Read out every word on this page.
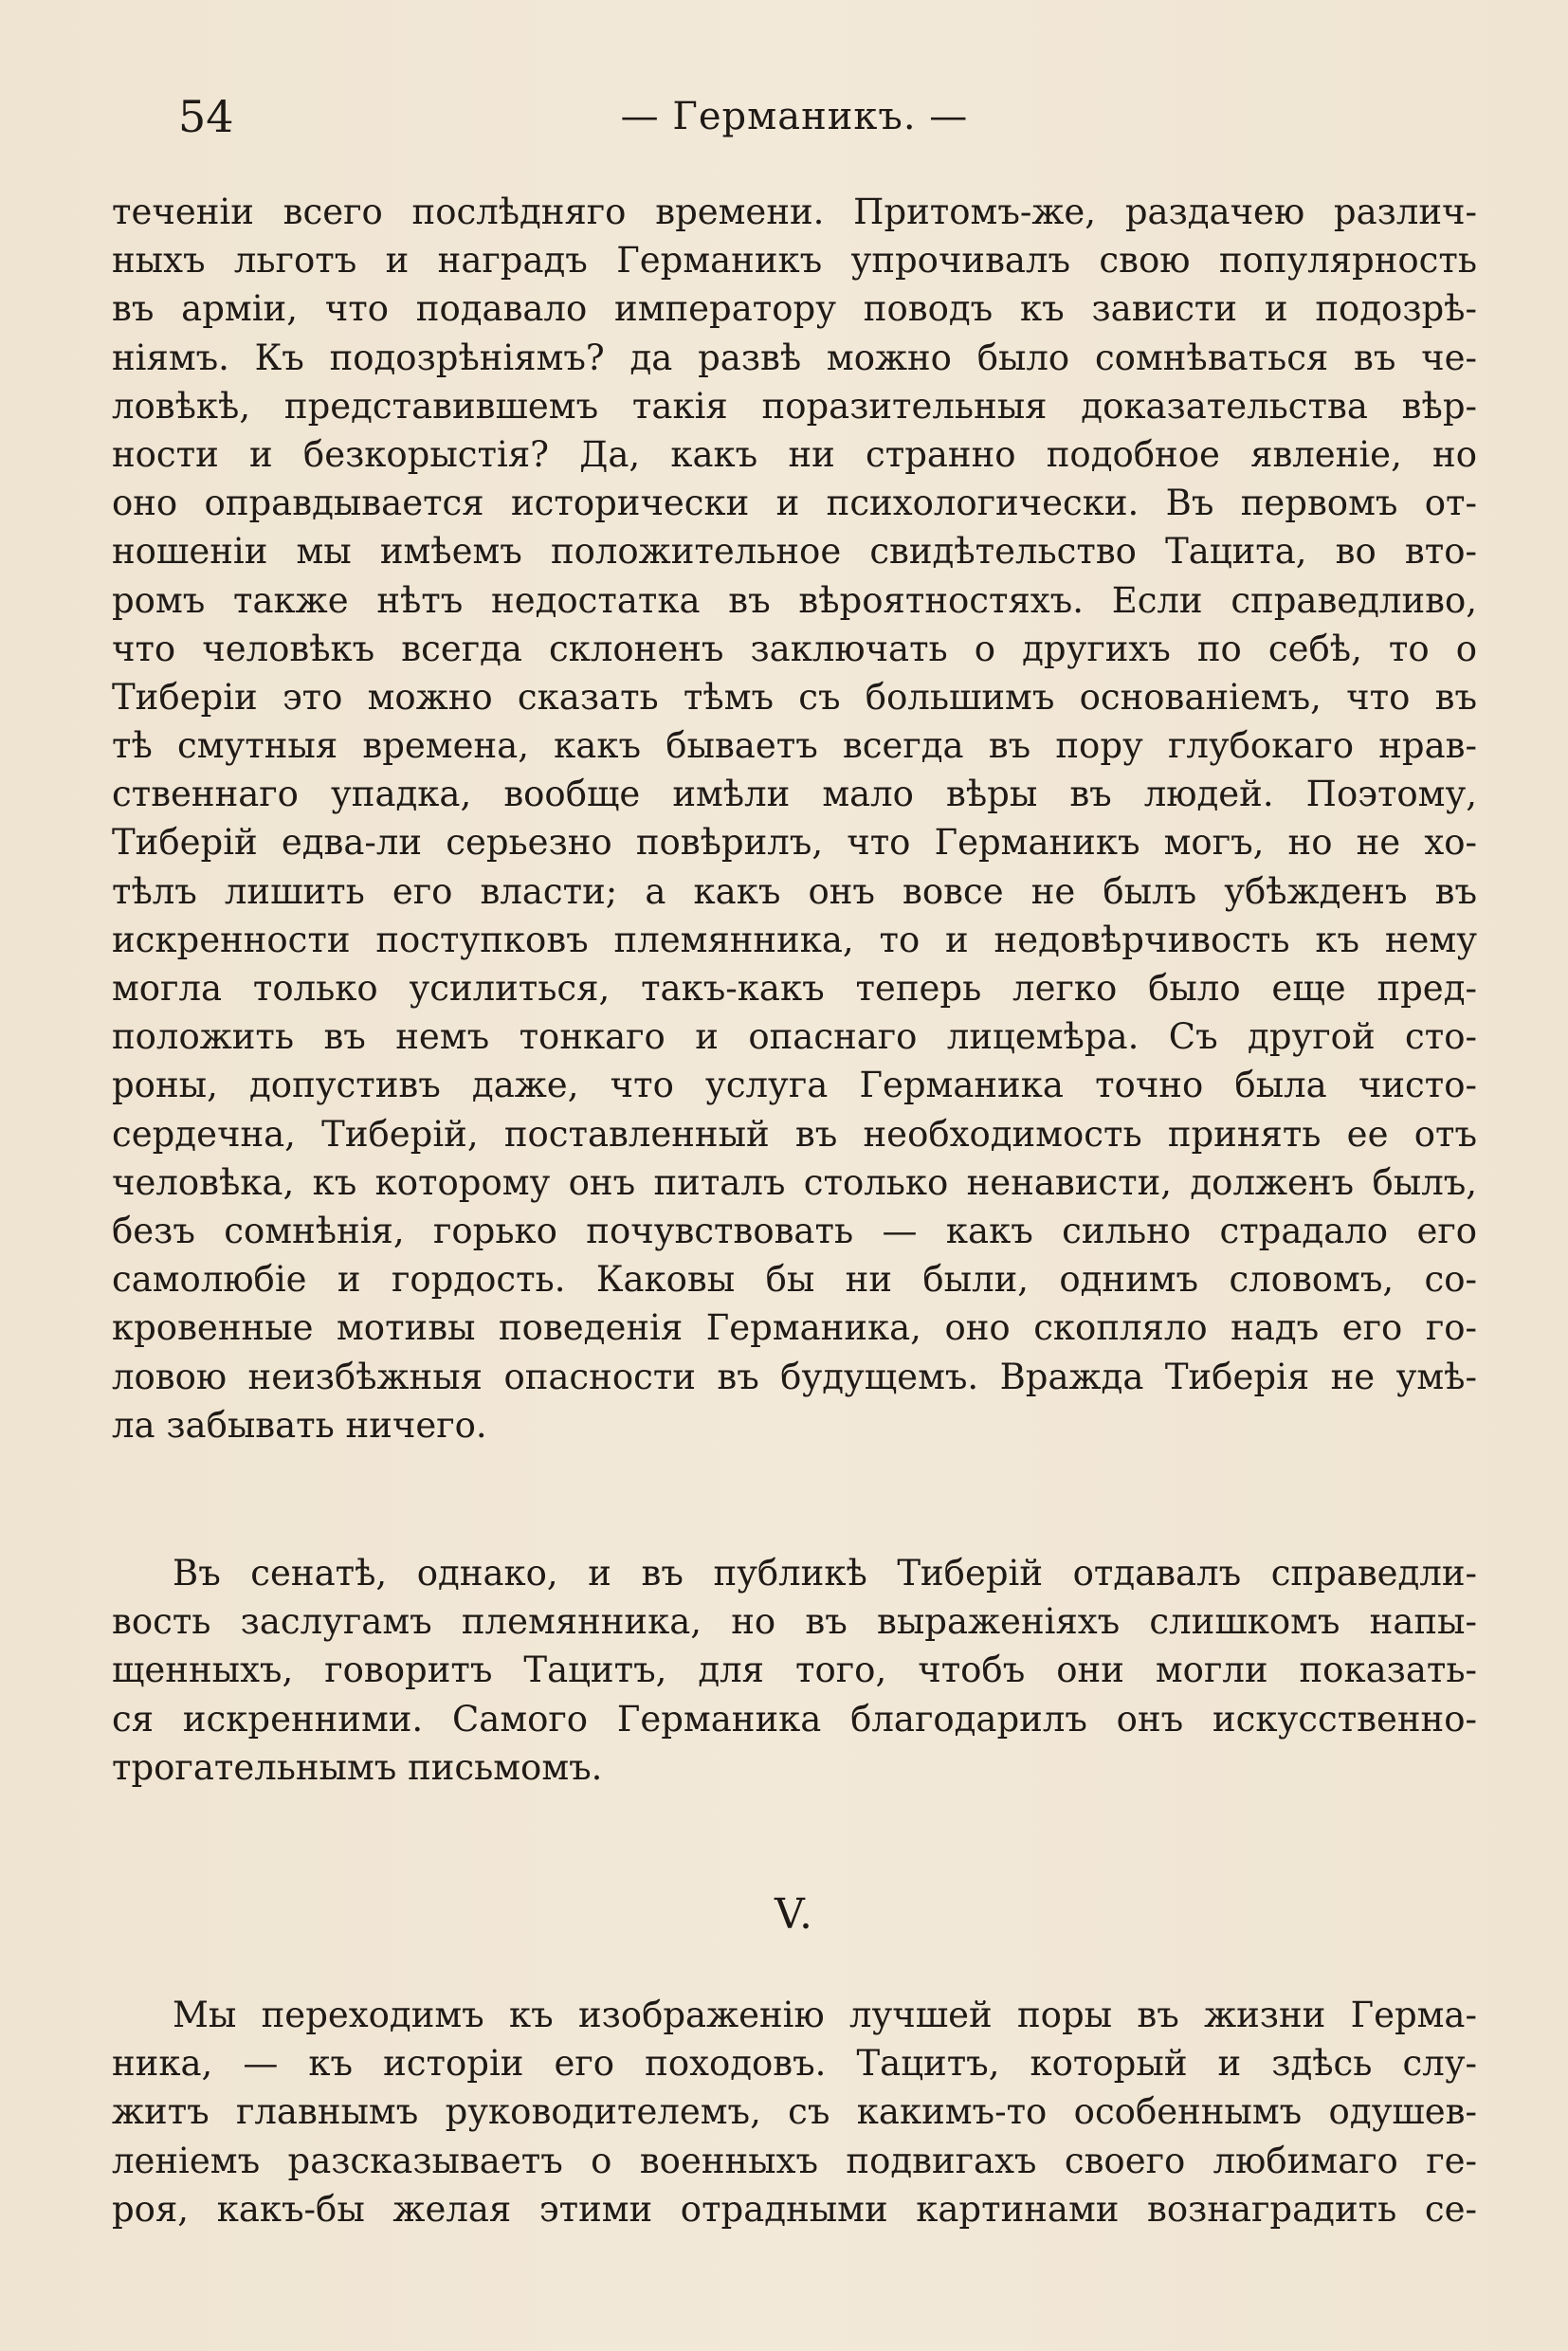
— Германикъ. —
54
теченіи всего послѣдняго времени. Притомъ-же, раздачею различ-
ныхъ льготъ и наградъ Германикъ упрочивалъ свою популярность
въ арміи, что подавало императору поводъ къ зависти и подозрѣ-
ніямъ. Къ подозрѣніямъ? да развѣ можно было сомнѣваться въ че-
ловѣкѣ, представившемъ такія поразительныя доказательства вѣр-
ности и безкорыстія? Да, какъ ни странно подобное явленіе, но
оно оправдывается исторически и психологически. Въ первомъ от-
ношеніи мы имѣемъ положительное свидѣтельство Тацита, во вто-
ромъ также нѣтъ недостатка въ вѣроятностяхъ. Если справедливо,
что человѣкъ всегда склоненъ заключать о другихъ по себѣ, то о
Тиберіи это можно сказать тѣмъ съ большимъ основаніемъ, что въ
тѣ смутныя времена, какъ бываетъ всегда въ пору глубокаго нрав-
ственнаго упадка, вообще имѣли мало вѣры въ людей. Поэтому,
Тиберій едва-ли серьезно повѣрилъ, что Германикъ могъ, но не хо-
тѣлъ лишить его власти; а какъ онъ вовсе не былъ убѣжденъ въ
искренности поступковъ племянника, то и недовѣрчивость къ нему
могла только усилиться, такъ-какъ теперь легко было еще пред-
положить въ немъ тонкаго и опаснаго лицемѣра. Съ другой сто-
роны, допустивъ даже, что услуга Германика точно была чисто-
сердечна, Тиберій, поставленный въ необходимость принять ее отъ
человѣка, къ которому онъ питалъ столько ненависти, долженъ былъ,
безъ сомнѣнія, горько почувствовать — какъ сильно страдало его
самолюбіе и гордость. Каковы бы ни были, однимъ словомъ, со-
кровенные мотивы поведенія Германика, оно скопляло надъ его го-
ловою неизбѣжныя опасности въ будущемъ. Вражда Тиберія не умѣ-
ла забывать ничего.
Въ сенатѣ, однако, и въ публикѣ Тиберій отдавалъ справедли-
вость заслугамъ племянника, но въ выраженіяхъ слишкомъ напы-
щенныхъ, говоритъ Тацитъ, для того, чтобъ они могли показать-
ся искренними. Самого Германика благодарилъ онъ искусственно-
трогательнымъ письмомъ.
V.
Мы переходимъ къ изображенію лучшей поры въ жизни Герма-
ника, — къ исторіи его походовъ. Тацитъ, который и здѣсь слу-
житъ главнымъ руководителемъ, съ какимъ-то особеннымъ одушев-
леніемъ разсказываетъ о военныхъ подвигахъ своего любимаго ге-
роя, какъ-бы желая этими отрадными картинами вознаградить се-
